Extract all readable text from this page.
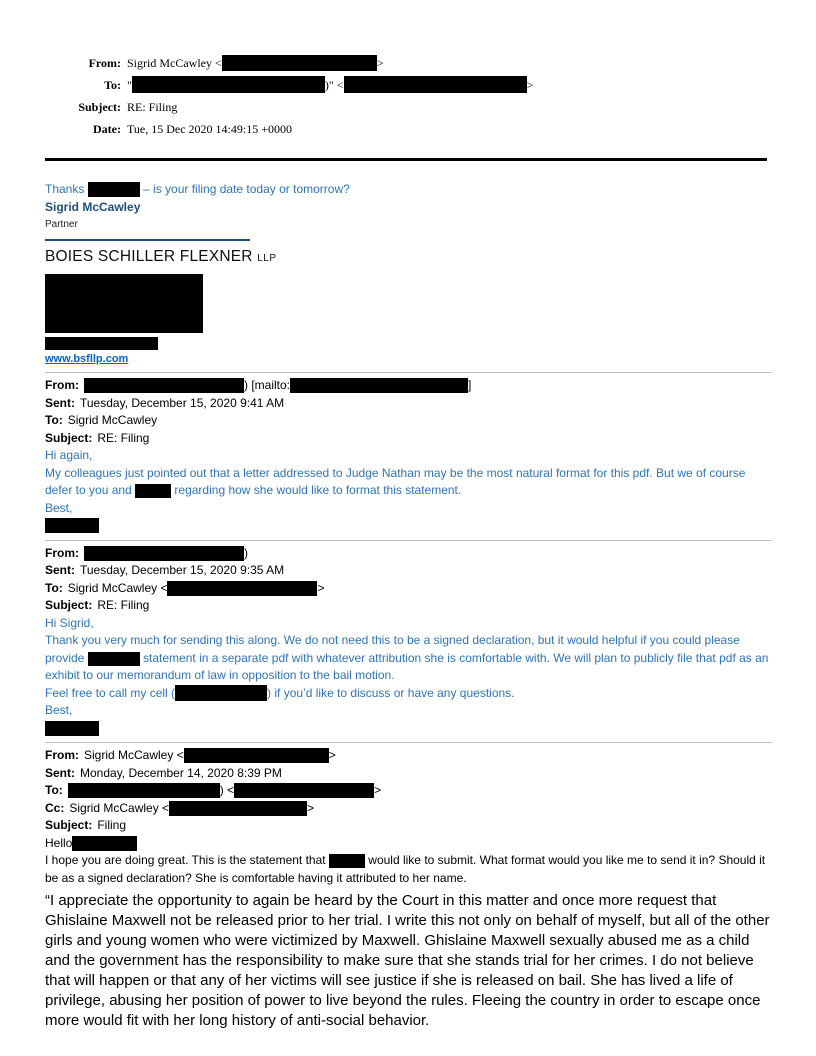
From: Sigrid McCawley <	>
To: "	)" <	>
Subject: RE: Filing
Date: Tue, 15 Dec 2020 14:49:15 +0000
Thanks	– is your filing date today or tomorrow?
Sigrid McCawley
Partner
BOIES SCHILLER FLEXNER LLP
www.bsfllp.com
From:	) [mailto:	]
Sent: Tuesday, December 15, 2020 9:41 AM
To: Sigrid McCawley
Subject: RE: Filing
Hi again,
My colleagues just pointed out that a letter addressed to Judge Nathan may be the most natural format for this pdf. But we of course defer to you and	regarding how she would like to format this statement.
Best,
From:	)
Sent: Tuesday, December 15, 2020 9:35 AM
To: Sigrid McCawley <	>
Subject: RE: Filing
Hi Sigrid,
Thank you very much for sending this along. We do not need this to be a signed declaration, but it would helpful if you could please provide	statement in a separate pdf with whatever attribution she is comfortable with. We will plan to publicly file that pdf as an exhibit to our memorandum of law in opposition to the bail motion.
Feel free to call my cell (	) if you’d like to discuss or have any questions.
Best,
From: Sigrid McCawley <	>
Sent: Monday, December 14, 2020 8:39 PM
To:	) <	>
Cc: Sigrid McCawley <	>
Subject: Filing
Hello
I hope you are doing great. This is the statement that	would like to submit. What format would you like me to send it in? Should it be as a signed declaration? She is comfortable having it attributed to her name.
“I appreciate the opportunity to again be heard by the Court in this matter and once more request that Ghislaine Maxwell not be released prior to her trial. I write this not only on behalf of myself, but all of the other girls and young women who were victimized by Maxwell. Ghislaine Maxwell sexually abused me as a child and the government has the responsibility to make sure that she stands trial for her crimes. I do not believe that will happen or that any of her victims will see justice if she is released on bail. She has lived a life of privilege, abusing her position of power to live beyond the rules. Fleeing the country in order to escape once more would fit with her long history of anti-social behavior.
